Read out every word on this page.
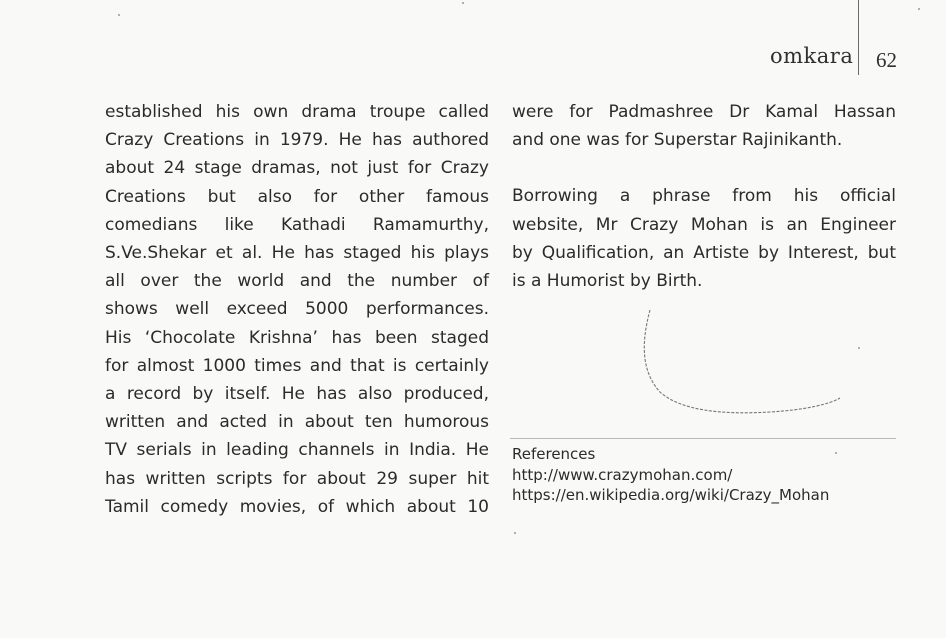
omkara 62
established his own drama troupe called
Crazy Creations in 1979. He has authored
about 24 stage dramas, not just for Crazy
Creations but also for other famous
comedians like Kathadi Ramamurthy,
S.Ve.Shekar et al. He has staged his plays
all over the world and the number of
shows well exceed 5000 performances.
His ‘Chocolate Krishna’ has been staged
for almost 1000 times and that is certainly
a record by itself. He has also produced,
written and acted in about ten humorous
TV serials in leading channels in India. He
has written scripts for about 29 super hit
Tamil comedy movies, of which about 10
were for Padmashree Dr Kamal Hassan
and one was for Superstar Rajinikanth.
Borrowing a phrase from his official
website, Mr Crazy Mohan is an Engineer
by Qualification, an Artiste by Interest, but
is a Humorist by Birth.
References
http://www.crazymohan.com/
https://en.wikipedia.org/wiki/Crazy_Mohan
